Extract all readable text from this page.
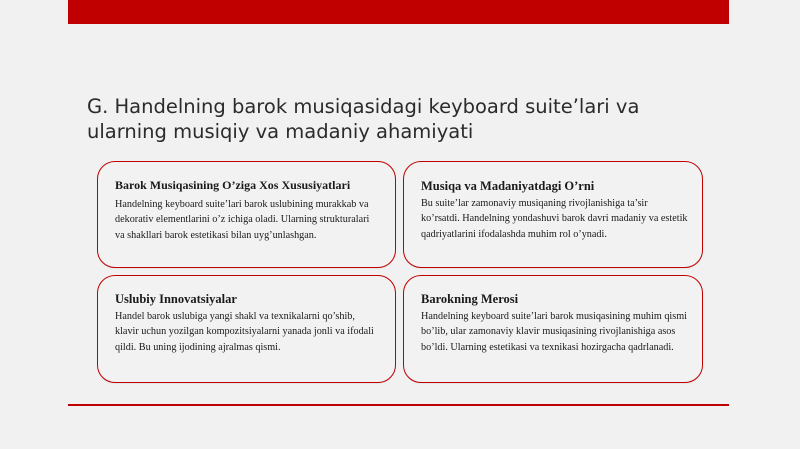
G. Handelning barok musiqasidagi keyboard suite’lari va ularning musiqiy va madaniy ahamiyati
Barok Musiqasining O’ziga Xos Xususiyatlari

Handelning keyboard suite’lari barok uslubining murakkab va dekorativ elementlarini o’z ichiga oladi. Ularning strukturalari va shakllari barok estetikasi bilan uyg’unlashgan.

Musiqa va Madaniyatdagi O’rni

Bu suite’lar zamonaviy musiqaning rivojlanishiga ta’sir ko’rsatdi. Handelning yondashuvi barok davri madaniy va estetik qadriyatlarini ifodalashda muhim rol o’ynadi.

Uslubiy Innovatsiyalar

Handel barok uslubiga yangi shakl va texnikalarni qo’shib, klavir uchun yozilgan kompozitsiyalarni yanada jonli va ifodali qildi. Bu uning ijodining ajralmas qismi.

Barokning Merosi

Handelning keyboard suite’lari barok musiqasining muhim qismi bo’lib, ular zamonaviy klavir musiqasining rivojlanishiga asos bo’ldi. Ularning estetikasi va texnikasi hozirgacha qadrlanadi.
